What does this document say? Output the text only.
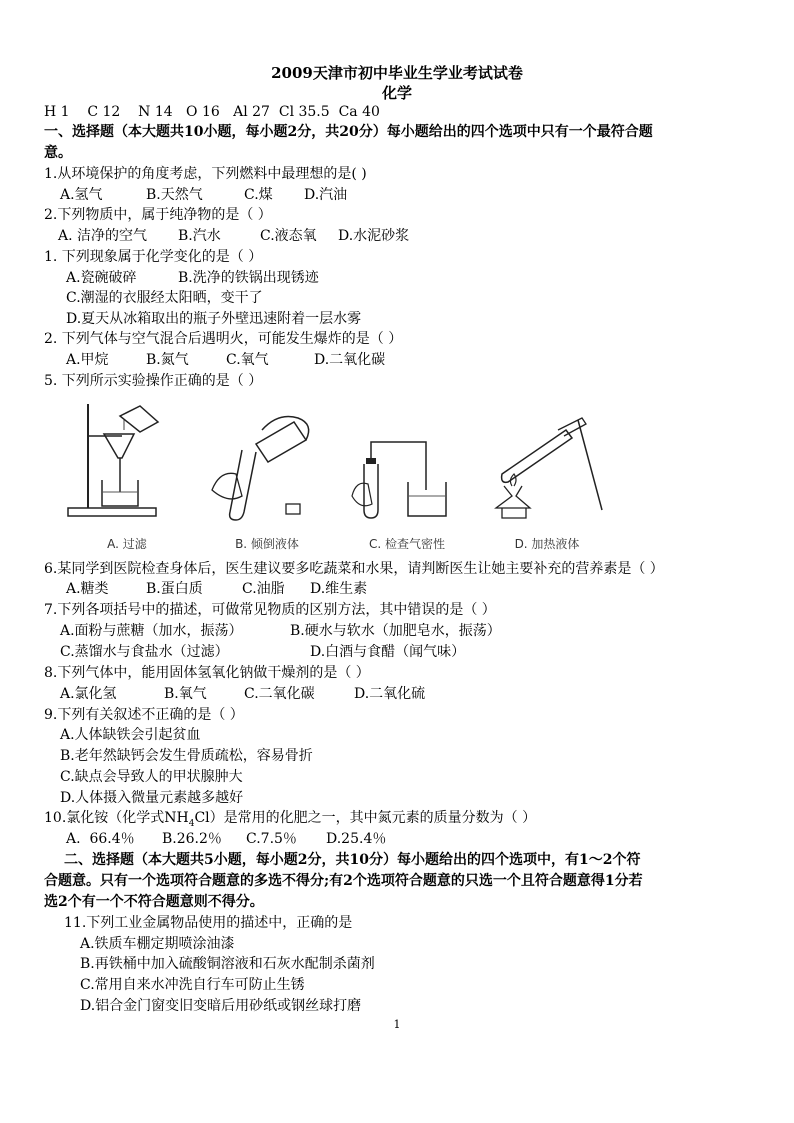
2009天津市初中毕业生学业考试试卷
化学
H 1    C 12    N 14   O 16   Al 27  Cl 35.5  Ca 40
一、选择题（本大题共10小题，每小题2分，共20分）每小题给出的四个选项中只有一个最符合题
意。
1.从环境保护的角度考虑，下列燃料中最理想的是( )
A.氢气	B.天然气	C.煤 D.汽油
2.下列物质中，属于纯净物的是（ ）
A. 洁净的空气 B.汽水	C.液态氧 D.水泥砂浆
1. 下列现象属于化学变化的是（ ）
A.瓷碗破碎	B.洗净的铁锅出现锈迹
C.潮湿的衣服经太阳晒，变干了
D.夏天从冰箱取出的瓶子外壁迅速附着一层水雾
2. 下列气体与空气混合后遇明火，可能发生爆炸的是（ ）
A.甲烷	B.氮气	C.氧气	D.二氧化碳
5. 下列所示实验操作正确的是（ ）
A. 过滤	B. 倾倒液体	C. 检查气密性	D. 加热液体
6.某同学到医院检查身体后，医生建议要多吃蔬菜和水果，请判断医生让她主要补充的营养素是（ ）
A.糖类	B.蛋白质	C.油脂 D.维生素
7.下列各项括号中的描述，可做常见物质的区别方法，其中错误的是（ ）
A.面粉与蔗糖（加水，振荡）	B.硬水与软水（加肥皂水，振荡）
C.蒸馏水与食盐水（过滤）	D.白酒与食醋（闻气味）
8.下列气体中，能用固体氢氧化钠做干燥剂的是（ ）
A.氯化氢	B.氧气	C.二氧化碳	D.二氧化硫
9.下列有关叙述不正确的是（ ）
A.人体缺铁会引起贫血
B.老年然缺钙会发生骨质疏松，容易骨折
C.缺点会导致人的甲状腺肿大
D.人体摄入微量元素越多越好
10.氯化铵（化学式$NH_4Cl$）是常用的化肥之一，其中氮元素的质量分数为（ ）
A.  66.4％ B.26.2％ C.7.5％ D.25.4％
二、选择题（本大题共5小题，每小题2分，共10分）每小题给出的四个选项中，有1～2个符
合题意。只有一个选项符合题意的多选不得分;有2个选项符合题意的只选一个且符合题意得1分若
选2个有一个不符合题意则不得分。
11.下列工业金属物品使用的描述中，正确的是
A.铁质车棚定期喷涂油漆
B.再铁桶中加入硫酸铜溶液和石灰水配制杀菌剂
C.常用自来水冲洗自行车可防止生锈
D.铝合金门窗变旧变暗后用砂纸或钢丝球打磨
1
